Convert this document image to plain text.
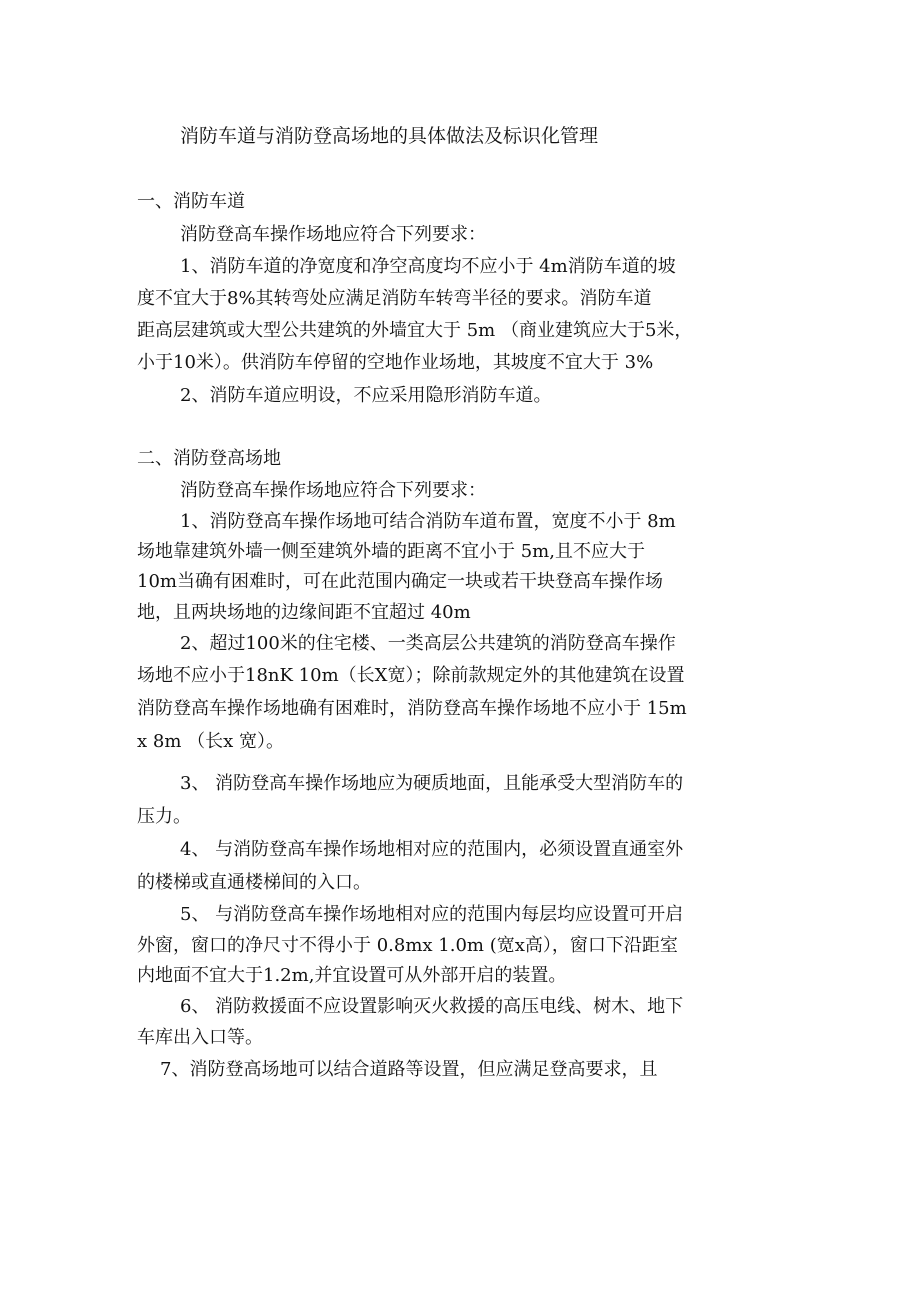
消防车道与消防登高场地的具体做法及标识化管理
一、消防车道
消防登高车操作场地应符合下列要求：
1、消防车道的净宽度和净空高度均不应小于 4m消防车道的坡
度不宜大于8%其转弯处应满足消防车转弯半径的要求。消防车道
距高层建筑或大型公共建筑的外墙宜大于 5m （商业建筑应大于5米，
小于10米）。供消防车停留的空地作业场地，其坡度不宜大于 3%
2、消防车道应明设，不应采用隐形消防车道。
二、消防登高场地
消防登高车操作场地应符合下列要求：
1、消防登高车操作场地可结合消防车道布置，宽度不小于 8m
场地靠建筑外墙一侧至建筑外墙的距离不宜小于 5m,且不应大于
10m当确有困难时，可在此范围内确定一块或若干块登高车操作场
地，且两块场地的边缘间距不宜超过 40m
2、超过100米的住宅楼、一类高层公共建筑的消防登高车操作
场地不应小于18nK 10m（长X宽）；除前款规定外的其他建筑在设置
消防登高车操作场地确有困难时，消防登高车操作场地不应小于 15m
x 8m （长x 宽）。
3、 消防登高车操作场地应为硬质地面，且能承受大型消防车的
压力。
4、 与消防登高车操作场地相对应的范围内，必须设置直通室外
的楼梯或直通楼梯间的入口。
5、 与消防登高车操作场地相对应的范围内每层均应设置可开启
外窗，窗口的净尺寸不得小于 0.8mx 1.0m (宽x高），窗口下沿距室
内地面不宜大于1.2m,并宜设置可从外部开启的装置。
6、 消防救援面不应设置影响灭火救援的高压电线、树木、地下
车库出入口等。
7、消防登高场地可以结合道路等设置，但应满足登高要求，且
